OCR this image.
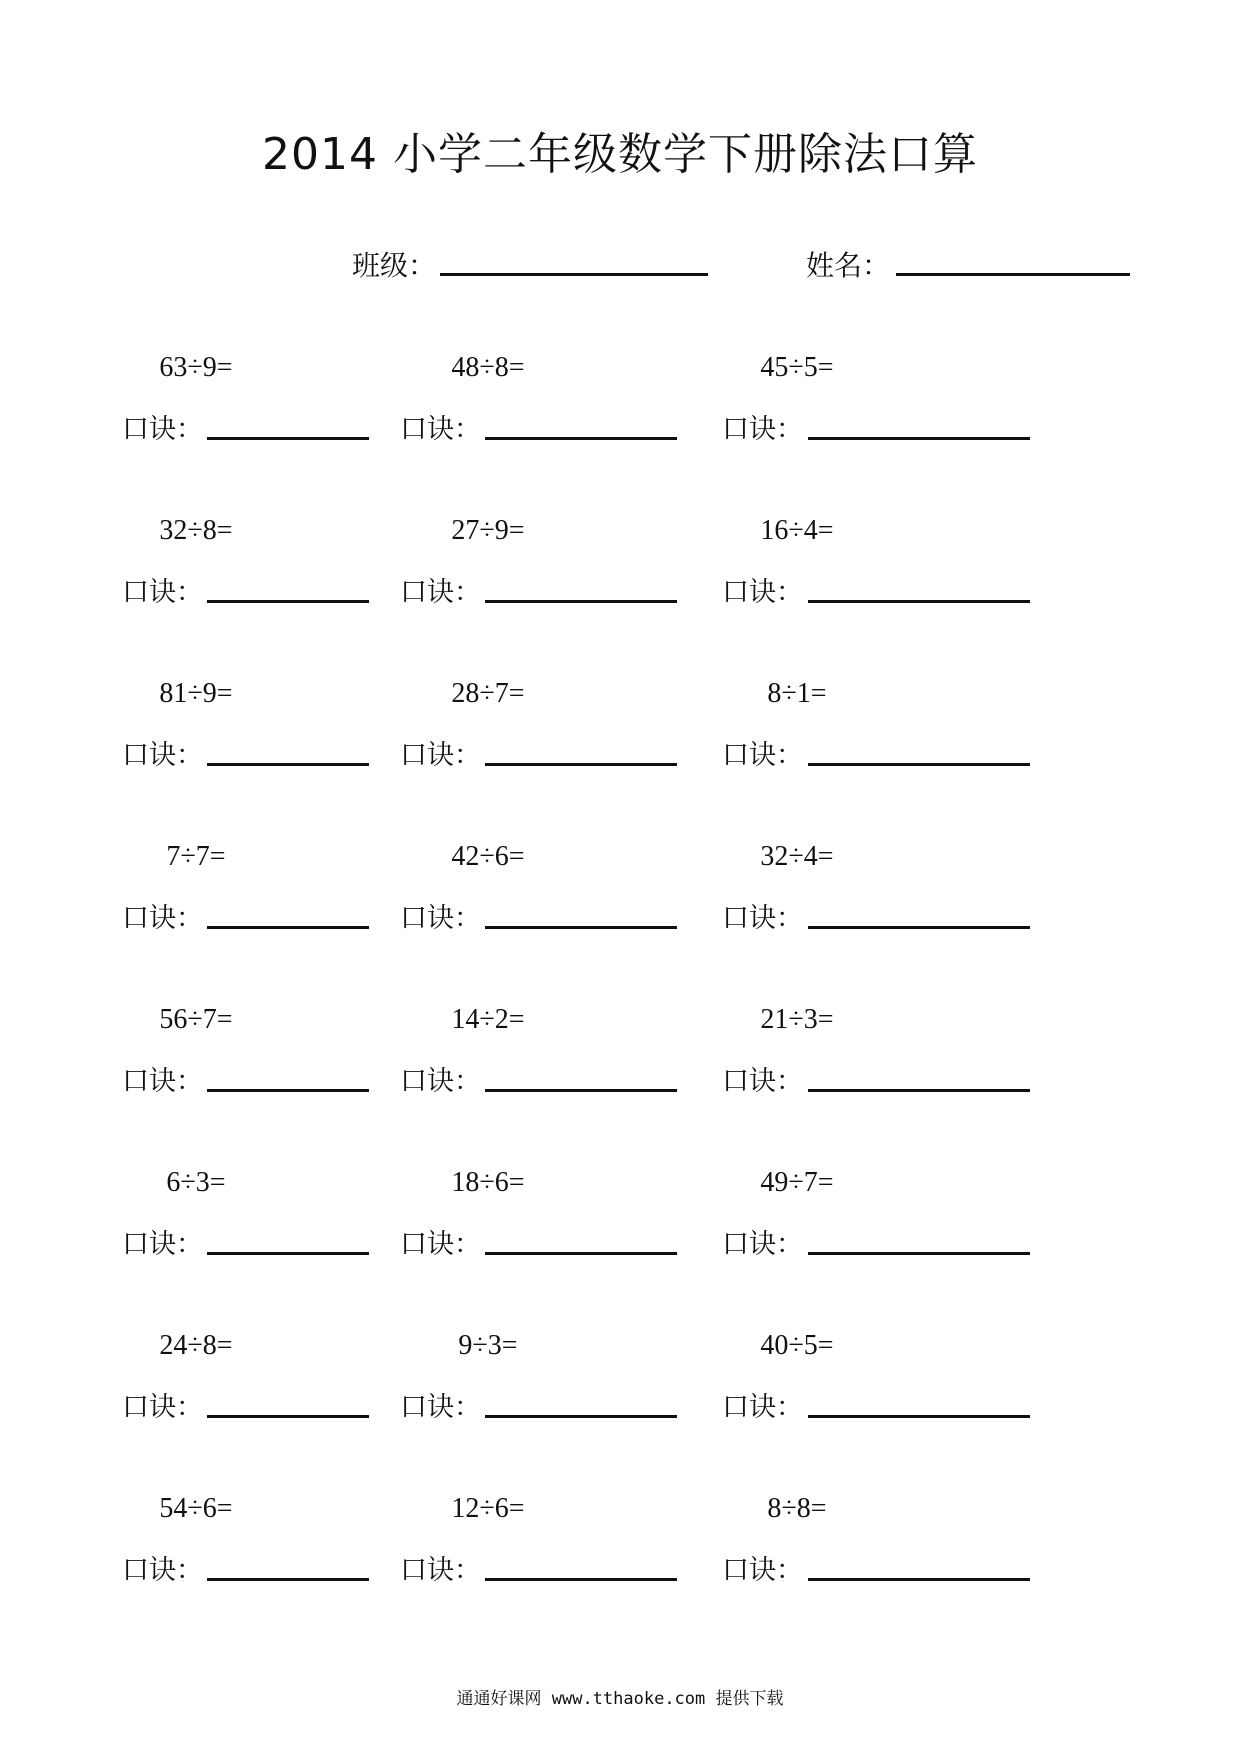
2014 小学二年级数学下册除法口算
班级：	姓名：
63÷9=
口诀：
48÷8=
口诀：
45÷5=
口诀：
32÷8=
口诀：
27÷9=
口诀：
16÷4=
口诀：
81÷9=
口诀：
28÷7=
口诀：
8÷1=
口诀：
7÷7=
口诀：
42÷6=
口诀：
32÷4=
口诀：
56÷7=
口诀：
14÷2=
口诀：
21÷3=
口诀：
6÷3=
口诀：
18÷6=
口诀：
49÷7=
口诀：
24÷8=
口诀：
9÷3=
口诀：
40÷5=
口诀：
54÷6=
口诀：
12÷6=
口诀：
8÷8=
口诀：
通通好课网 www.tthaoke.com 提供下载
